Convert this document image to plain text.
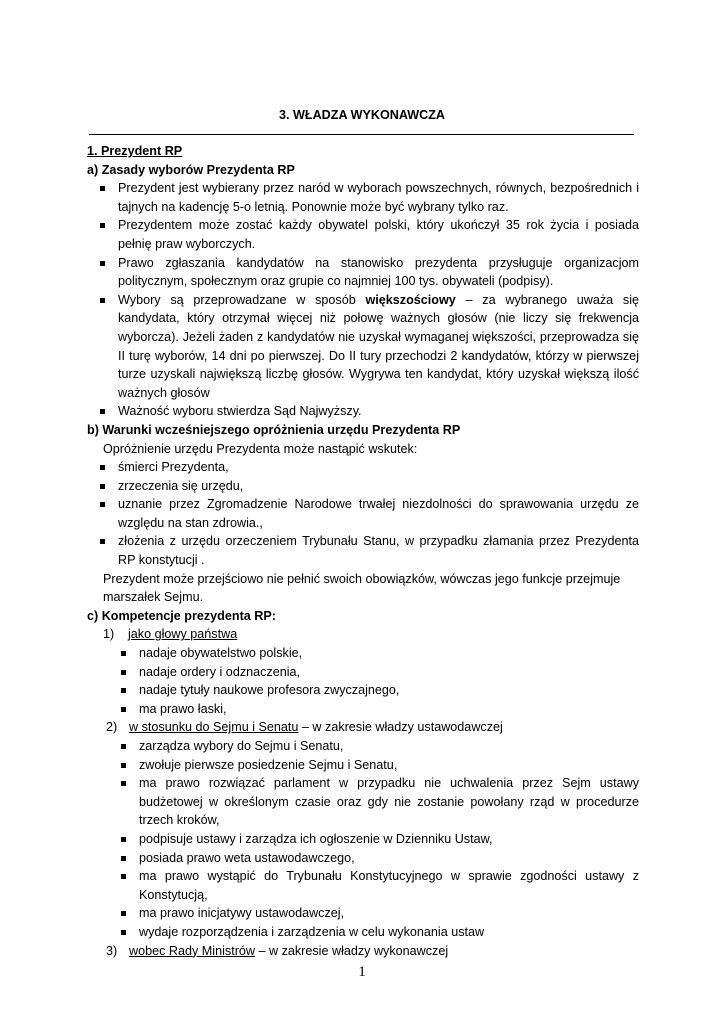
3. WŁADZA WYKONAWCZA

1. Prezydent RP

a) Zasady wyborów Prezydenta RP

Prezydent jest wybierany przez naród w wyborach powszechnych, równych, bezpośrednich i tajnych na kadencję 5-o letnią. Ponownie może być wybrany tylko raz.
Prezydentem może zostać każdy obywatel polski, który ukończył 35 rok życia i posiada pełnię praw wyborczych.
Prawo zgłaszania kandydatów na stanowisko prezydenta przysługuje organizacjom politycznym, społecznym oraz grupie co najmniej 100 tys. obywateli (podpisy).
Wybory są przeprowadzane w sposób większościowy – za wybranego uważa się kandydata, który otrzymał więcej niż połowę ważnych głosów (nie liczy się frekwencja wyborcza). Jeżeli żaden z kandydatów nie uzyskał wymaganej większości, przeprowadza się II turę wyborów, 14 dni po pierwszej. Do II tury przechodzi 2 kandydatów, którzy w pierwszej turze uzyskali największą liczbę głosów. Wygrywa ten kandydat, który uzyskał większą ilość ważnych głosów
Ważność wyboru stwierdza Sąd Najwyższy.

b) Warunki wcześniejszego opróżnienia urzędu Prezydenta RP

Opróżnienie urzędu Prezydenta może nastąpić wskutek:

śmierci Prezydenta,
zrzeczenia się urzędu,
uznanie przez Zgromadzenie Narodowe trwałej niezdolności do sprawowania urzędu ze względu na stan zdrowia.,
złożenia z urzędu orzeczeniem Trybunału Stanu, w przypadku złamania przez Prezydenta RP konstytucji .

Prezydent może przejściowo nie pełnić swoich obowiązków, wówczas jego funkcje przejmuje marszałek Sejmu.

c) Kompetencje prezydenta RP:

1) jako głowy państwa

nadaje obywatelstwo polskie,
nadaje ordery i odznaczenia,
nadaje tytuły naukowe profesora zwyczajnego,
ma prawo łaski,

2) w stosunku do Sejmu i Senatu – w zakresie władzy ustawodawczej

zarządza wybory do Sejmu i Senatu,
zwołuje pierwsze posiedzenie Sejmu i Senatu,
ma prawo rozwiązać parlament w przypadku nie uchwalenia przez Sejm ustawy budżetowej w określonym czasie oraz gdy nie zostanie powołany rząd w procedurze trzech kroków,
podpisuje ustawy i zarządza ich ogłoszenie w Dzienniku Ustaw,
posiada prawo weta ustawodawczego,
ma prawo wystąpić do Trybunału Konstytucyjnego w sprawie zgodności ustawy z Konstytucją,
ma prawo inicjatywy ustawodawczej,
wydaje rozporządzenia i zarządzenia w celu wykonania ustaw

3) wobec Rady Ministrów – w zakresie władzy wykonawczej

1
